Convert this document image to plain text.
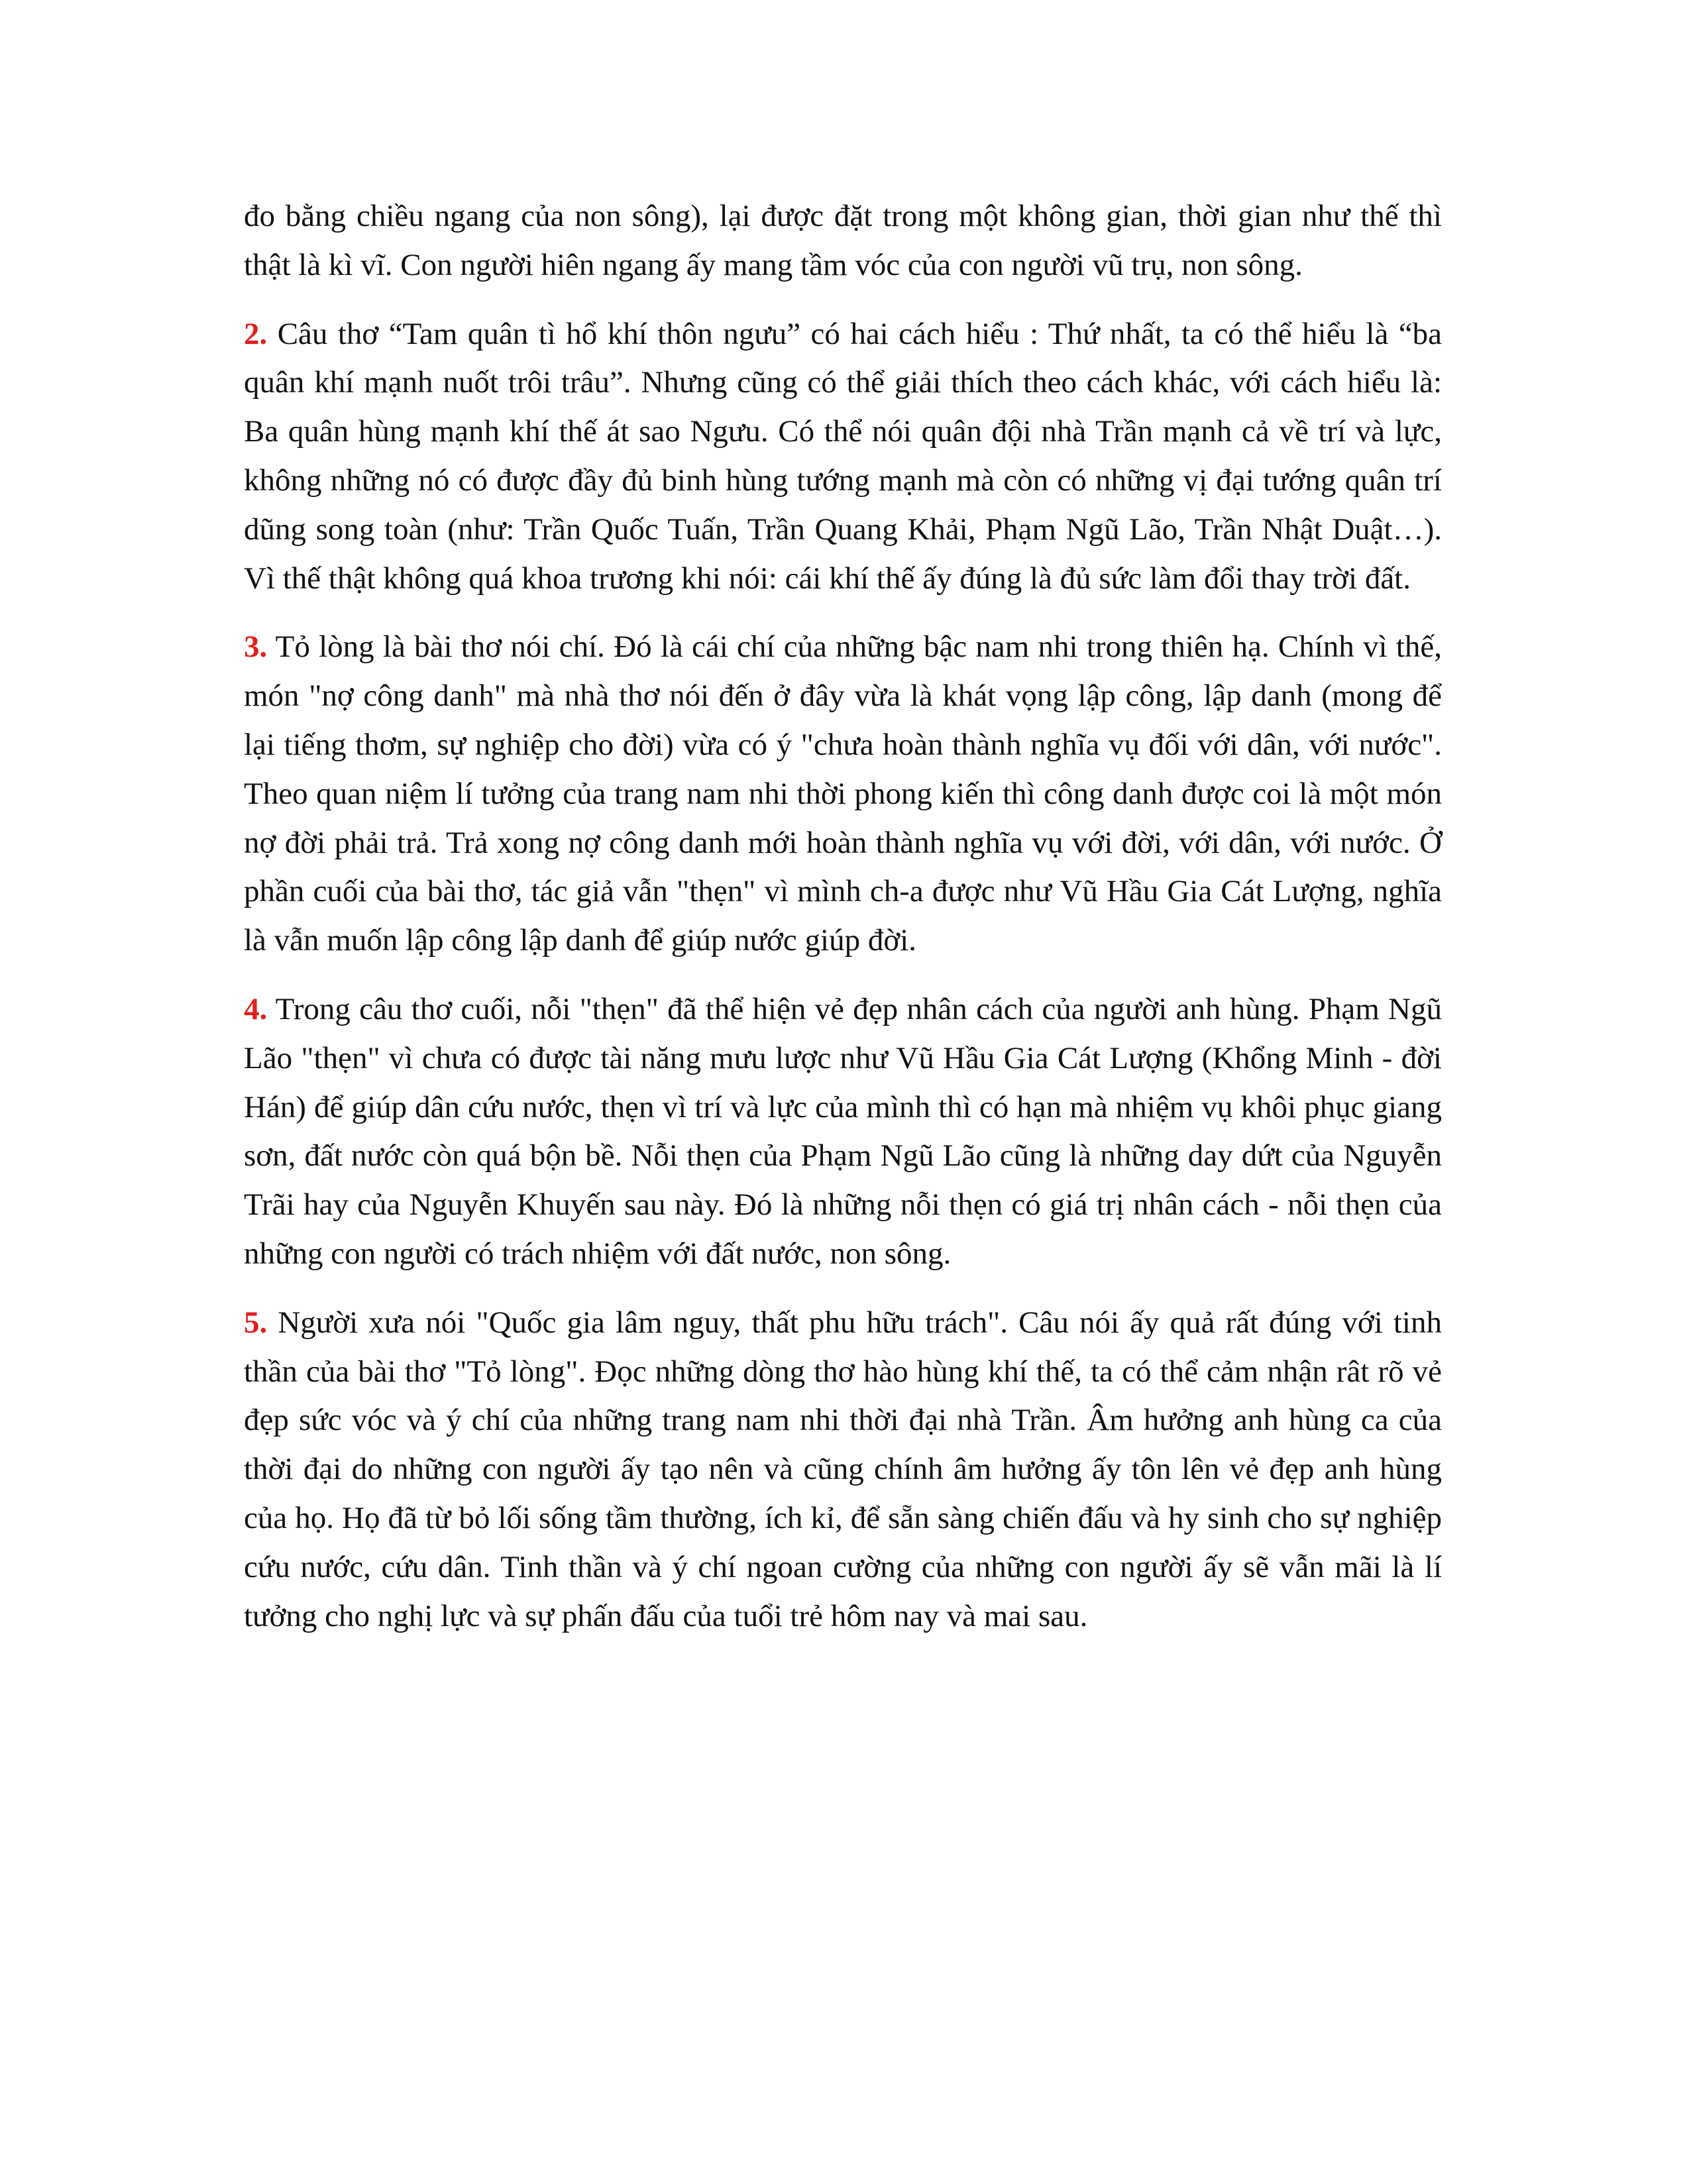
đo bằng chiều ngang của non sông), lại được đặt trong một không gian, thời gian như thế thì thật là kì vĩ. Con người hiên ngang ấy mang tầm vóc của con người vũ trụ, non sông.

2. Câu thơ “Tam quân tì hổ khí thôn ngưu” có hai cách hiểu : Thứ nhất, ta có thể hiểu là “ba quân khí mạnh nuốt trôi trâu”. Nhưng cũng có thể giải thích theo cách khác, với cách hiểu là: Ba quân hùng mạnh khí thế át sao Ngưu. Có thể nói quân đội nhà Trần mạnh cả về trí và lực, không những nó có được đầy đủ binh hùng tướng mạnh mà còn có những vị đại tướng quân trí dũng song toàn (như: Trần Quốc Tuấn, Trần Quang Khải, Phạm Ngũ Lão, Trần Nhật Duật…). Vì thế thật không quá khoa trương khi nói: cái khí thế ấy đúng là đủ sức làm đổi thay trời đất.

3. Tỏ lòng là bài thơ nói chí. Đó là cái chí của những bậc nam nhi trong thiên hạ. Chính vì thế, món "nợ công danh" mà nhà thơ nói đến ở đây vừa là khát vọng lập công, lập danh (mong để lại tiếng thơm, sự nghiệp cho đời) vừa có ý "chưa hoàn thành nghĩa vụ đối với dân, với nước". Theo quan niệm lí tưởng của trang nam nhi thời phong kiến thì công danh được coi là một món nợ đời phải trả. Trả xong nợ công danh mới hoàn thành nghĩa vụ với đời, với dân, với nước. Ở phần cuối của bài thơ, tác giả vẫn "thẹn" vì mình ch-a được như Vũ Hầu Gia Cát Lượng, nghĩa là vẫn muốn lập công lập danh để giúp nước giúp đời.

4. Trong câu thơ cuối, nỗi "thẹn" đã thể hiện vẻ đẹp nhân cách của người anh hùng. Phạm Ngũ Lão "thẹn" vì chưa có được tài năng mưu lược như Vũ Hầu Gia Cát Lượng (Khổng Minh - đời Hán) để giúp dân cứu nước, thẹn vì trí và lực của mình thì có hạn mà nhiệm vụ khôi phục giang sơn, đất nước còn quá bộn bề. Nỗi thẹn của Phạm Ngũ Lão cũng là những day dứt của Nguyễn Trãi hay của Nguyễn Khuyến sau này. Đó là những nỗi thẹn có giá trị nhân cách - nỗi thẹn của những con người có trách nhiệm với đất nước, non sông.

5. Người xưa nói "Quốc gia lâm nguy, thất phu hữu trách". Câu nói ấy quả rất đúng với tinh thần của bài thơ "Tỏ lòng". Đọc những dòng thơ hào hùng khí thế, ta có thể cảm nhận rât rõ vẻ đẹp sức vóc và ý chí của những trang nam nhi thời đại nhà Trần. Âm hưởng anh hùng ca của thời đại do những con người ấy tạo nên và cũng chính âm hưởng ấy tôn lên vẻ đẹp anh hùng của họ. Họ đã từ bỏ lối sống tầm thường, ích kỉ, để sẵn sàng chiến đấu và hy sinh cho sự nghiệp cứu nước, cứu dân. Tinh thần và ý chí ngoan cường của những con người ấy sẽ vẫn mãi là lí tưởng cho nghị lực và sự phấn đấu của tuổi trẻ hôm nay và mai sau.
